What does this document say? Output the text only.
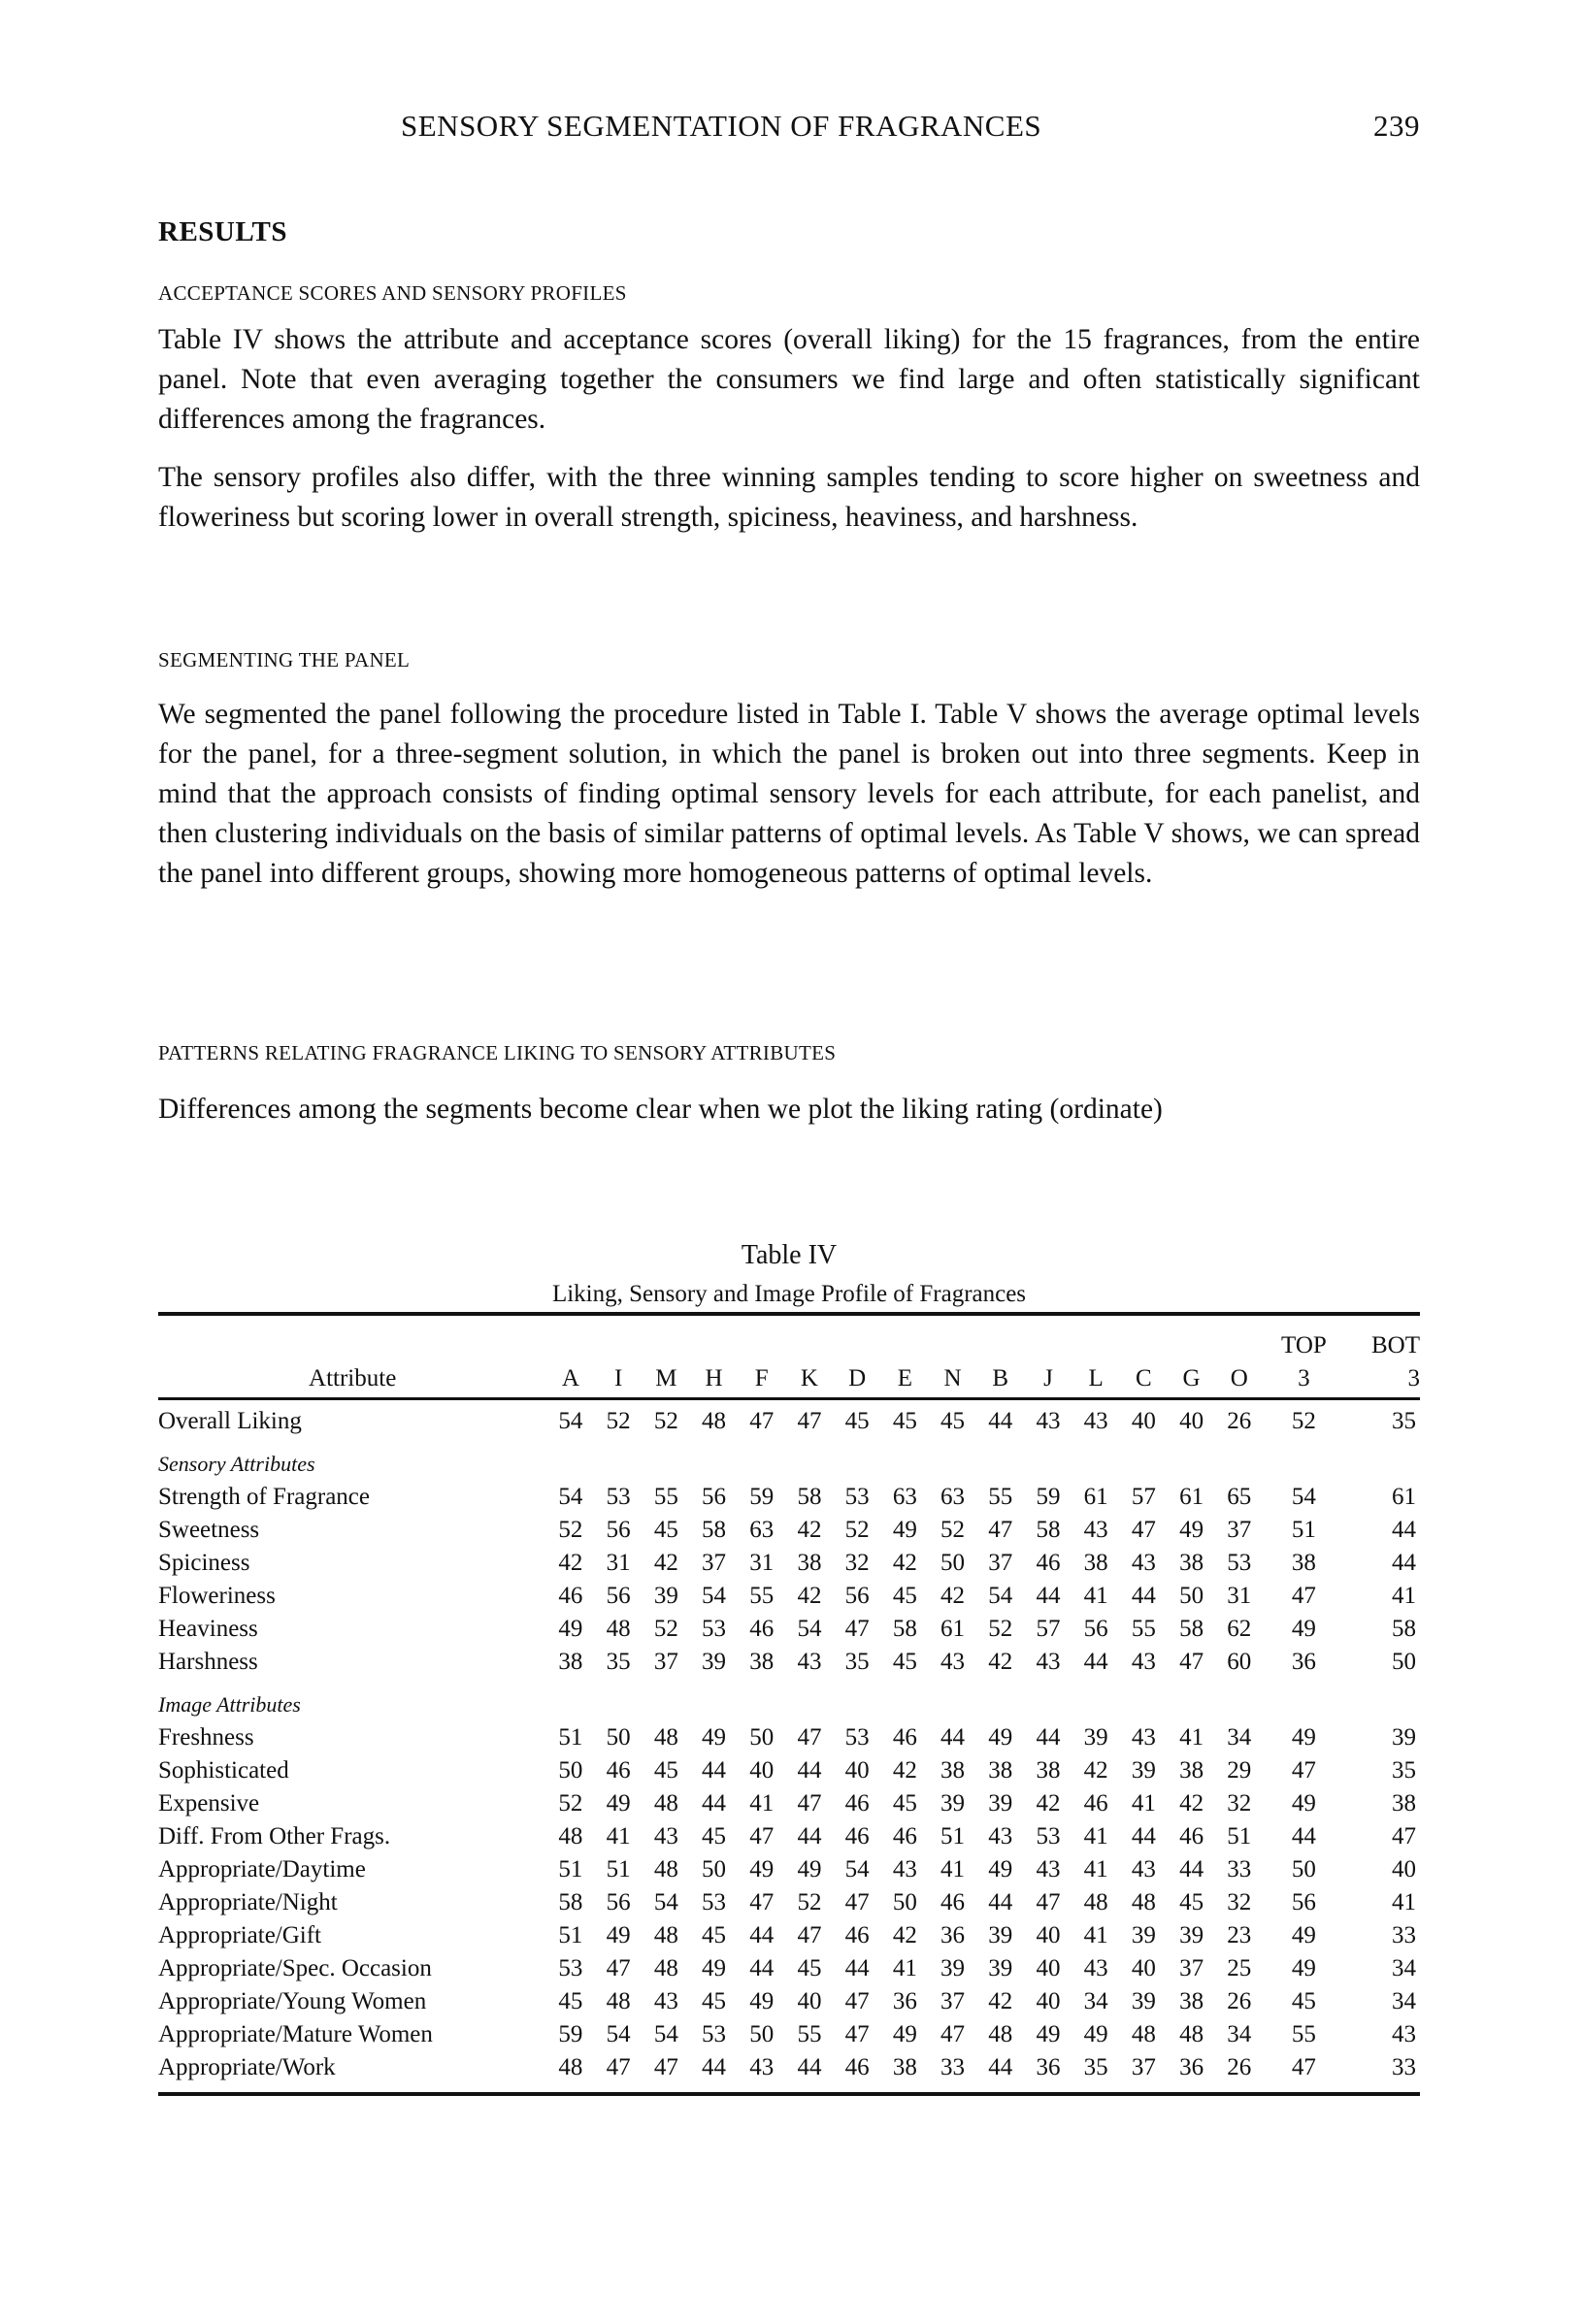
SENSORY SEGMENTATION OF FRAGRANCES	239
RESULTS
ACCEPTANCE SCORES AND SENSORY PROFILES

Table IV shows the attribute and acceptance scores (overall liking) for the 15 fragrances, from the entire panel. Note that even averaging together the consumers we find large and often statistically significant differences among the fragrances.

The sensory profiles also differ, with the three winning samples tending to score higher on sweetness and floweriness but scoring lower in overall strength, spiciness, heaviness, and harshness.

SEGMENTING THE PANEL

We segmented the panel following the procedure listed in Table I. Table V shows the average optimal levels for the panel, for a three-segment solution, in which the panel is broken out into three segments. Keep in mind that the approach consists of finding optimal sensory levels for each attribute, for each panelist, and then clustering individuals on the basis of similar patterns of optimal levels. As Table V shows, we can spread the panel into different groups, showing more homogeneous patterns of optimal levels.

PATTERNS RELATING FRAGRANCE LIKING TO SENSORY ATTRIBUTES

Differences among the segments become clear when we plot the liking rating (ordinate)

Table IV
Liking, Sensory and Image Profile of Fragrances
																TOP	BOT
Attribute	A	I	M	H	F	K	D	E	N	B	J	L	C	G	O	3	3
Overall Liking	54	52	52	48	47	47	45	45	45	44	43	43	40	40	26	52	35
Sensory Attributes																	
Strength of Fragrance	54	53	55	56	59	58	53	63	63	55	59	61	57	61	65	54	61
Sweetness	52	56	45	58	63	42	52	49	52	47	58	43	47	49	37	51	44
Spiciness	42	31	42	37	31	38	32	42	50	37	46	38	43	38	53	38	44
Floweriness	46	56	39	54	55	42	56	45	42	54	44	41	44	50	31	47	41
Heaviness	49	48	52	53	46	54	47	58	61	52	57	56	55	58	62	49	58
Harshness	38	35	37	39	38	43	35	45	43	42	43	44	43	47	60	36	50
Image Attributes																	
Freshness	51	50	48	49	50	47	53	46	44	49	44	39	43	41	34	49	39
Sophisticated	50	46	45	44	40	44	40	42	38	38	38	42	39	38	29	47	35
Expensive	52	49	48	44	41	47	46	45	39	39	42	46	41	42	32	49	38
Diff. From Other Frags.	48	41	43	45	47	44	46	46	51	43	53	41	44	46	51	44	47
Appropriate/Daytime	51	51	48	50	49	49	54	43	41	49	43	41	43	44	33	50	40
Appropriate/Night	58	56	54	53	47	52	47	50	46	44	47	48	48	45	32	56	41
Appropriate/Gift	51	49	48	45	44	47	46	42	36	39	40	41	39	39	23	49	33
Appropriate/Spec. Occasion	53	47	48	49	44	45	44	41	39	39	40	43	40	37	25	49	34
Appropriate/Young Women	45	48	43	45	49	40	47	36	37	42	40	34	39	38	26	45	34
Appropriate/Mature Women	59	54	54	53	50	55	47	49	47	48	49	49	48	48	34	55	43
Appropriate/Work	48	47	47	44	43	44	46	38	33	44	36	35	37	36	26	47	33
